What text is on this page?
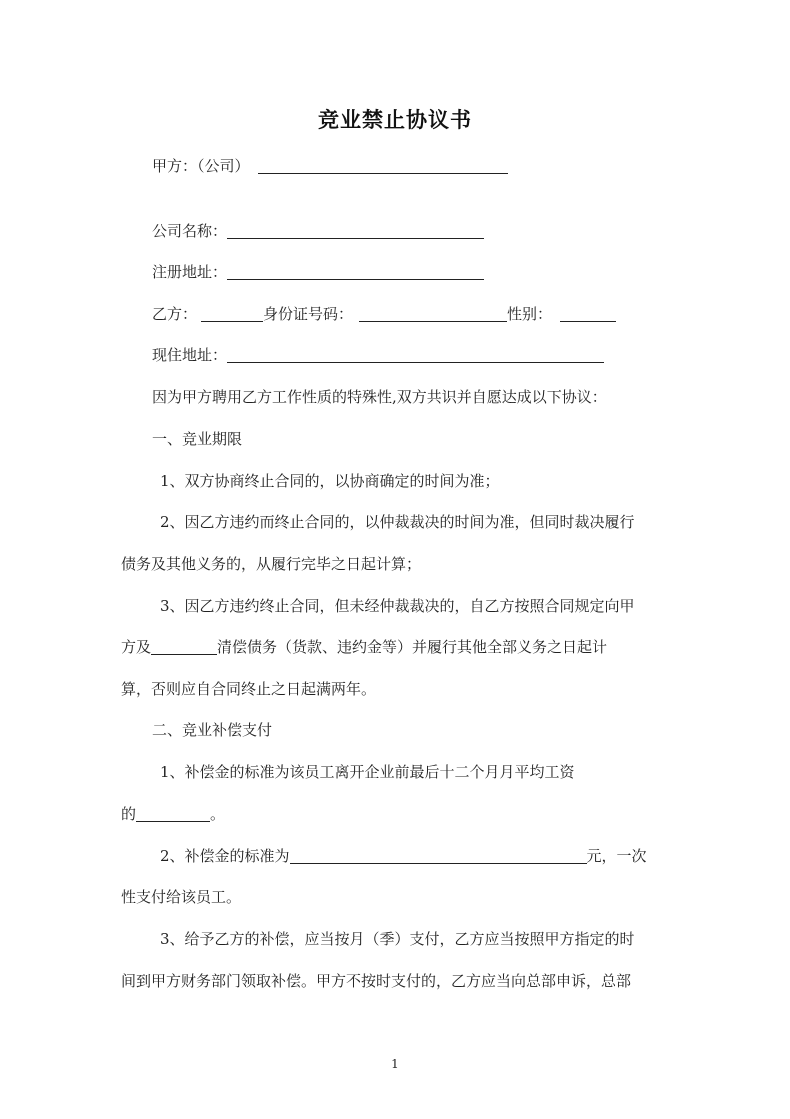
竞业禁止协议书
甲方：（公司）
公司名称：
注册地址：
乙方：	身份证号码：	性别：
现住地址：
因为甲方聘用乙方工作性质的特殊性,双方共识并自愿达成以下协议：
一、竞业期限
1、双方协商终止合同的，以协商确定的时间为准；
2、因乙方违约而终止合同的，以仲裁裁决的时间为准，但同时裁决履行
债务及其他义务的，从履行完毕之日起计算；
3、因乙方违约终止合同，但未经仲裁裁决的，自乙方按照合同规定向甲
方及	清偿债务（货款、违约金等）并履行其他全部义务之日起计
算，否则应自合同终止之日起满两年。
二、竞业补偿支付
1、补偿金的标准为该员工离开企业前最后十二个月月平均工资
的	。
2、补偿金的标准为	元，一次
性支付给该员工。
3、给予乙方的补偿，应当按月（季）支付，乙方应当按照甲方指定的时
间到甲方财务部门领取补偿。甲方不按时支付的，乙方应当向总部申诉，总部
1
